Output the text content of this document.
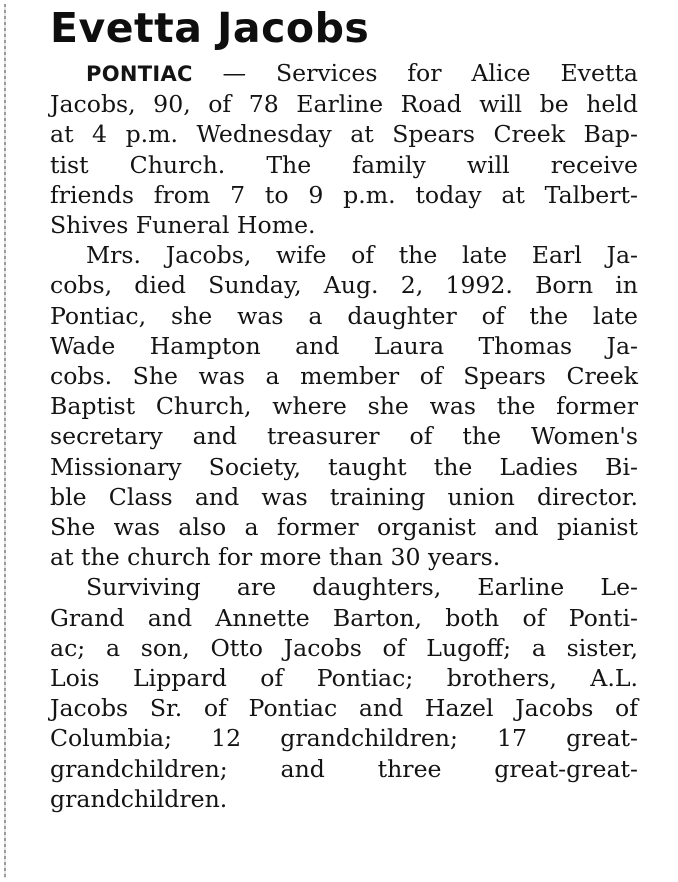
Evetta Jacobs

PONTIAC — Services for Alice Evetta
Jacobs, 90, of 78 Earline Road will be held
at 4 p.m. Wednesday at Spears Creek Bap-
tist Church. The family will receive
friends from 7 to 9 p.m. today at Talbert-
Shives Funeral Home.

Mrs. Jacobs, wife of the late Earl Ja-
cobs, died Sunday, Aug. 2, 1992. Born in
Pontiac, she was a daughter of the late
Wade Hampton and Laura Thomas Ja-
cobs. She was a member of Spears Creek
Baptist Church, where she was the former
secretary and treasurer of the Women's
Missionary Society, taught the Ladies Bi-
ble Class and was training union director.
She was also a former organist and pianist
at the church for more than 30 years.

Surviving are daughters, Earline Le-
Grand and Annette Barton, both of Ponti-
ac; a son, Otto Jacobs of Lugoff; a sister,
Lois Lippard of Pontiac; brothers, A.L.
Jacobs Sr. of Pontiac and Hazel Jacobs of
Columbia; 12 grandchildren; 17 great-
grandchildren; and three great-great-
grandchildren.
